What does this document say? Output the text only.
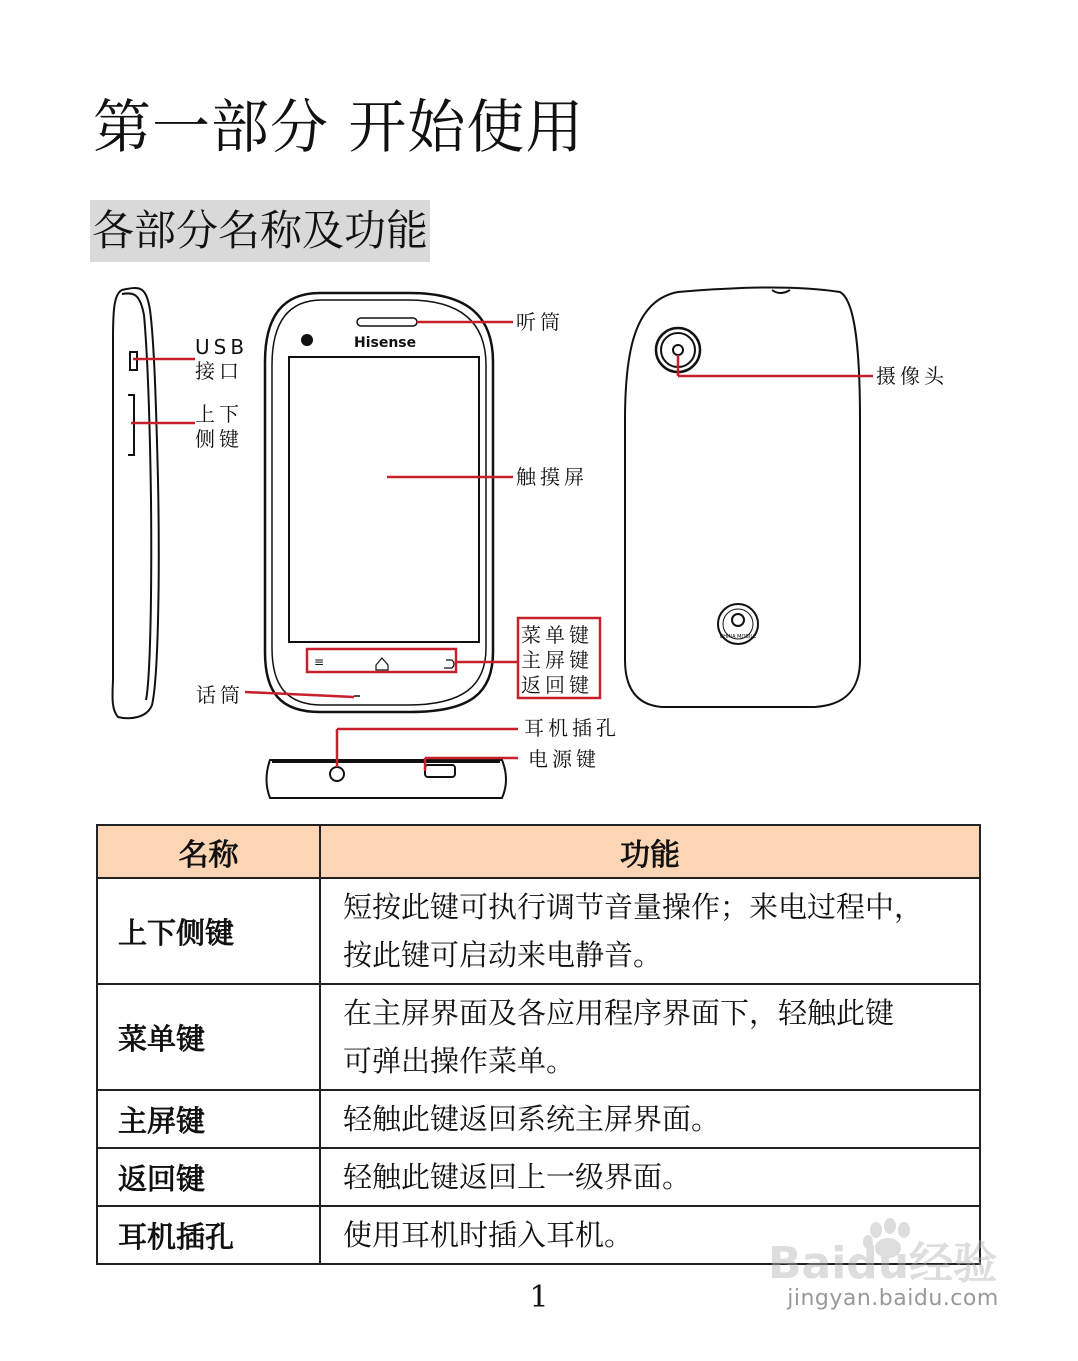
第一部分 开始使用
各部分名称及功能
Hisense
≡
CHINA MOBILE
USB
接口
上下
侧键
听筒
触摸屏
菜单键
主屏键
返回键
话筒
摄像头
耳机插孔
电源键
名称	功能
上下侧键	短按此键可执行调节音量操作；来电过程中，
按此键可启动来电静音。
菜单键	在主屏界面及各应用程序界面下，轻触此键
可弹出操作菜单。
主屏键	轻触此键返回系统主屏界面。
返回键	轻触此键返回上一级界面。
耳机插孔	使用耳机时插入耳机。
Baidu经验
jingyan.baidu.com
1
